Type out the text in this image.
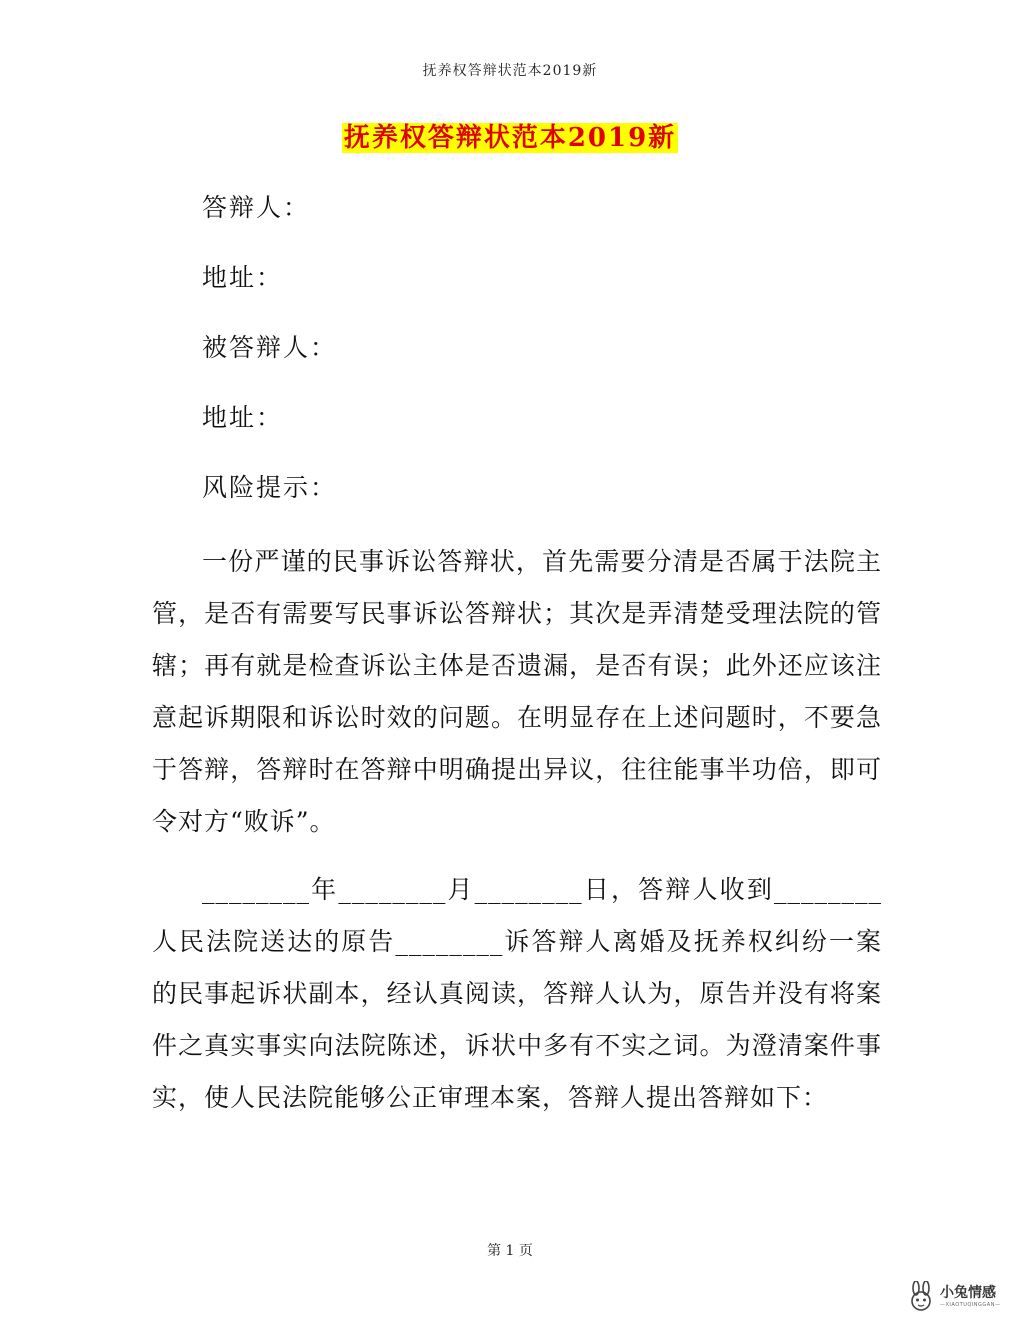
抚养权答辩状范本2019新
抚养权答辩状范本2019新

答辩人：

地址：

被答辩人：

地址：

风险提示：

一份严谨的民事诉讼答辩状，首先需要分清是否属于法院主管，是否有需要写民事诉讼答辩状；其次是弄清楚受理法院的管辖；再有就是检查诉讼主体是否遗漏，是否有误；此外还应该注意起诉期限和诉讼时效的问题。在明显存在上述问题时，不要急于答辩，答辩时在答辩中明确提出异议，往往能事半功倍，即可令对方“败诉”。

________年________月________日，答辩人收到________人民法院送达的原告________诉答辩人离婚及抚养权纠纷一案的民事起诉状副本，经认真阅读，答辩人认为，原告并没有将案件之真实事实向法院陈述，诉状中多有不实之词。为澄清案件事实，使人民法院能够公正审理本案，答辩人提出答辩如下：

第 1 页
小兔情感
—XIAOTUQINGGAN—
